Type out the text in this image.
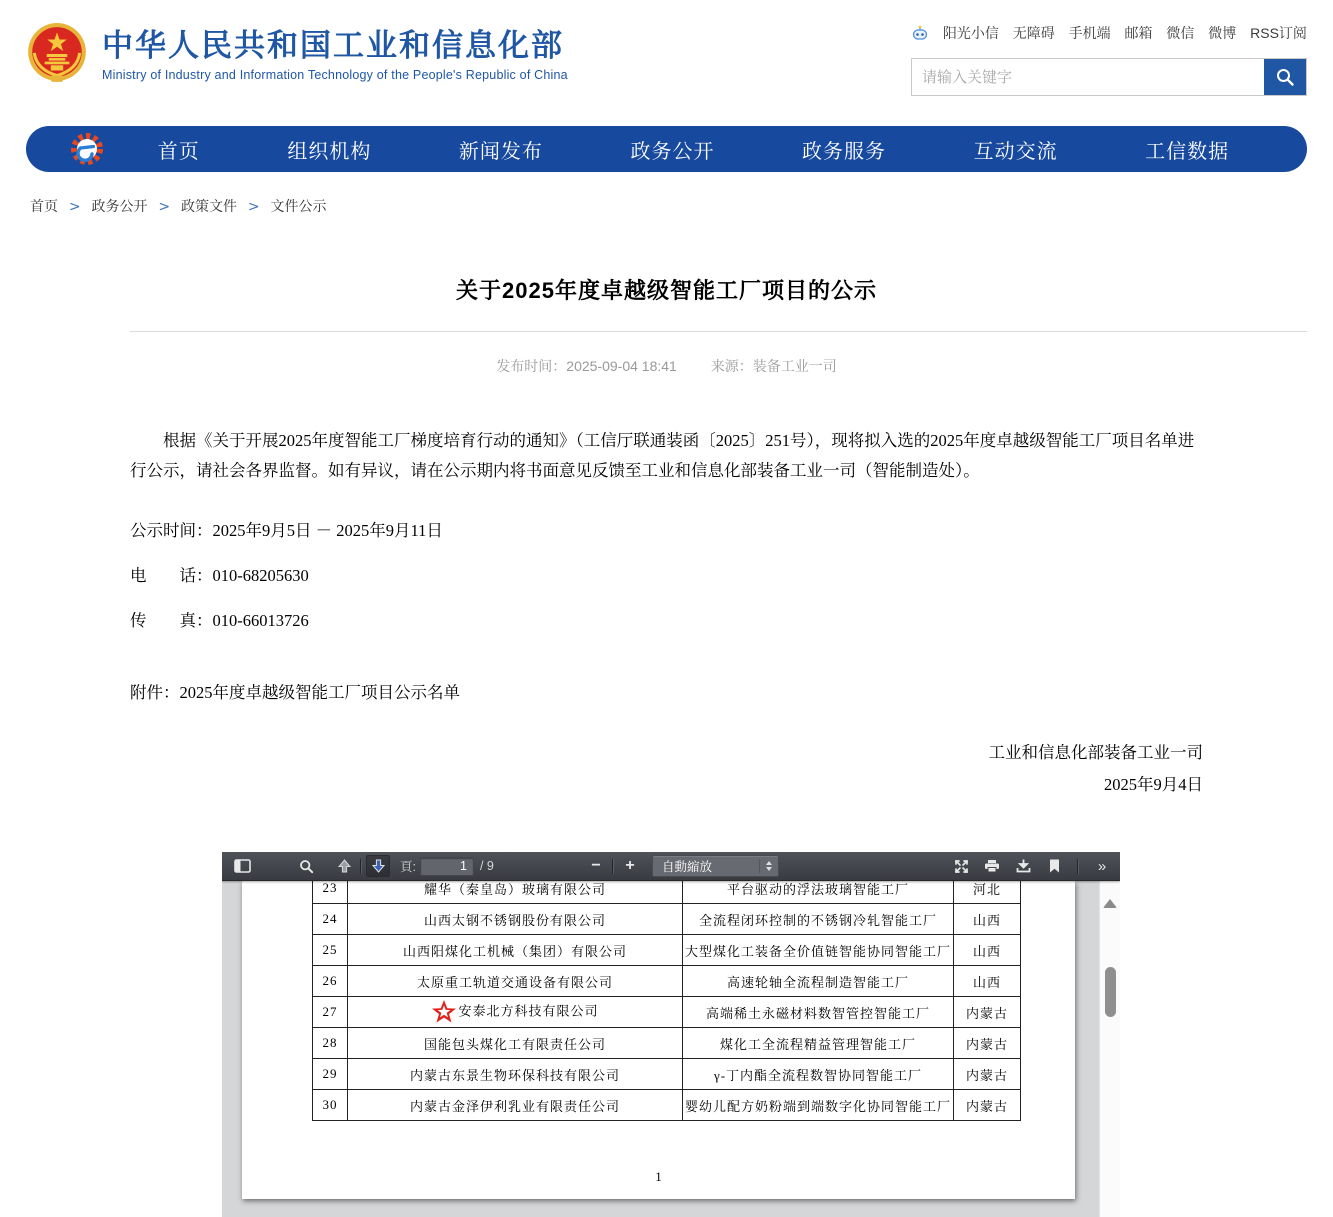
中华人民共和国工业和信息化部
Ministry of Industry and Information Technology of the People's Republic of China
阳光小信 无障碍 手机端 邮箱 微信 微博 RSS订阅
请输入关键字
首页	组织机构	新闻发布	政务公开	政务服务	互动交流	工信数据
首页 > 政务公开 > 政策文件 > 文件公示
关于2025年度卓越级智能工厂项目的公示
发布时间：2025-09-04 18:41 来源：装备工业一司

根据《关于开展2025年度智能工厂梯度培育行动的通知》（工信厅联通装函〔2025〕251号），现将拟入选的2025年度卓越级智能工厂项目名单进行公示，请社会各界监督。如有异议，请在公示期内将书面意见反馈至工业和信息化部装备工业一司（智能制造处）。

公示时间：2025年9月5日 － 2025年9月11日
电　　话：010-68205630
传　　真：010-66013726
附件：2025年度卓越级智能工厂项目公示名单
工业和信息化部装备工业一司
2025年9月4日
頁:
1	/ 9	−	+	自動縮放	»
23	耀华（秦皇岛）玻璃有限公司	平台驱动的浮法玻璃智能工厂	河北
24	山西太钢不锈钢股份有限公司	全流程闭环控制的不锈钢冷轧智能工厂	山西
25	山西阳煤化工机械（集团）有限公司	大型煤化工装备全价值链智能协同智能工厂	山西
26	太原重工轨道交通设备有限公司	高速轮轴全流程制造智能工厂	山西
27	安泰北方科技有限公司	高端稀土永磁材料数智管控智能工厂	内蒙古
28	国能包头煤化工有限责任公司	煤化工全流程精益管理智能工厂	内蒙古
29	内蒙古东景生物环保科技有限公司	γ-丁内酯全流程数智协同智能工厂	内蒙古
30	内蒙古金泽伊利乳业有限责任公司	婴幼儿配方奶粉端到端数字化协同智能工厂	内蒙古
1
